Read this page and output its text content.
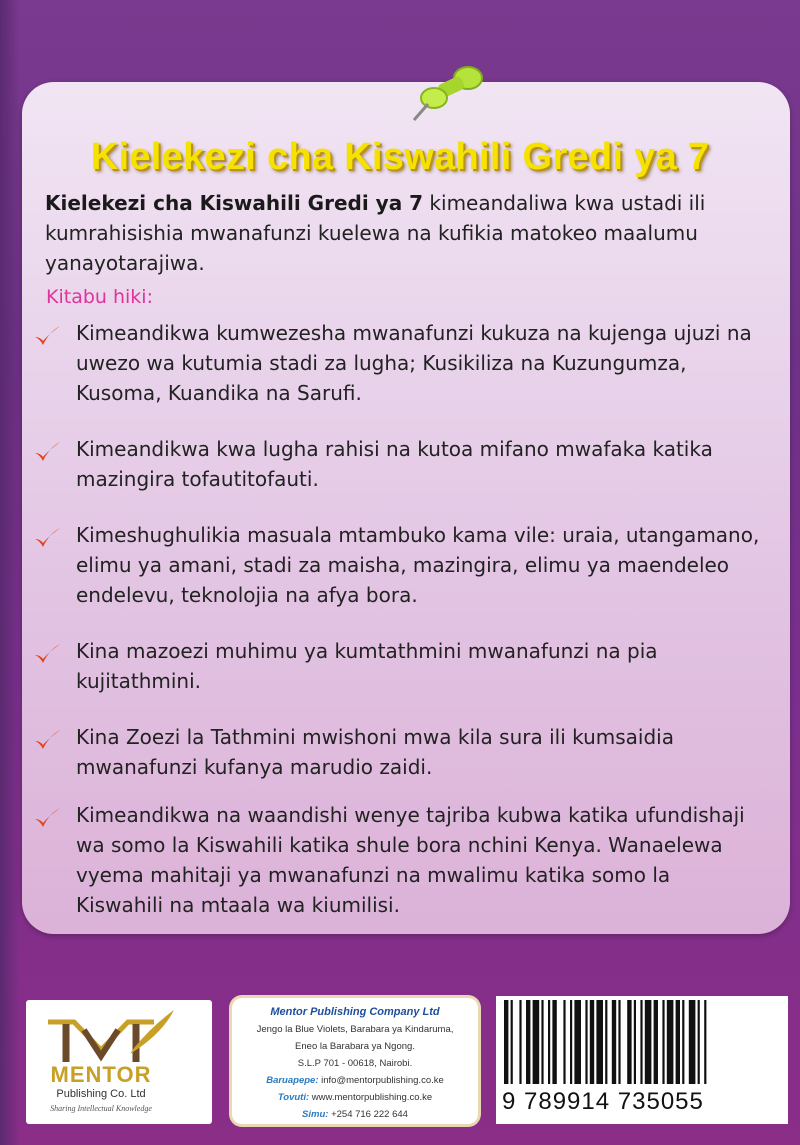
Kielekezi cha Kiswahili Gredi ya 7
Kielekezi cha Kiswahili Gredi ya 7 kimeandaliwa kwa ustadi ili
kumrahisishia mwanafunzi kuelewa na kufikia matokeo maalumu
yanayotarajiwa.
Kitabu hiki:
Kimeandikwa kumwezesha mwanafunzi kukuza na kujenga ujuzi na
uwezo wa kutumia stadi za lugha; Kusikiliza na Kuzungumza,
Kusoma, Kuandika na Sarufi.
Kimeandikwa kwa lugha rahisi na kutoa mifano mwafaka katika
mazingira tofautitofauti.
Kimeshughulikia masuala mtambuko kama vile: uraia, utangamano,
elimu ya amani, stadi za maisha, mazingira, elimu ya maendeleo
endelevu, teknolojia na afya bora.
Kina mazoezi muhimu ya kumtathmini mwanafunzi na pia
kujitathmini.
Kina Zoezi la Tathmini mwishoni mwa kila sura ili kumsaidia
mwanafunzi kufanya marudio zaidi.
Kimeandikwa na waandishi wenye tajriba kubwa katika ufundishaji
wa somo la Kiswahili katika shule bora nchini Kenya. Wanaelewa
vyema mahitaji ya mwanafunzi na mwalimu katika somo la
Kiswahili na mtaala wa kiumilisi.
MENTOR
Publishing Co. Ltd
Sharing Intellectual Knowledge
Mentor Publishing Company Ltd
Jengo la Blue Violets, Barabara ya Kindaruma,
Eneo la Barabara ya Ngong.
S.L.P 701 - 00618, Nairobi.
Baruapepe: info@mentorpublishing.co.ke
Tovuti: www.mentorpublishing.co.ke
Simu: +254 716 222 644	9 789914 735055
